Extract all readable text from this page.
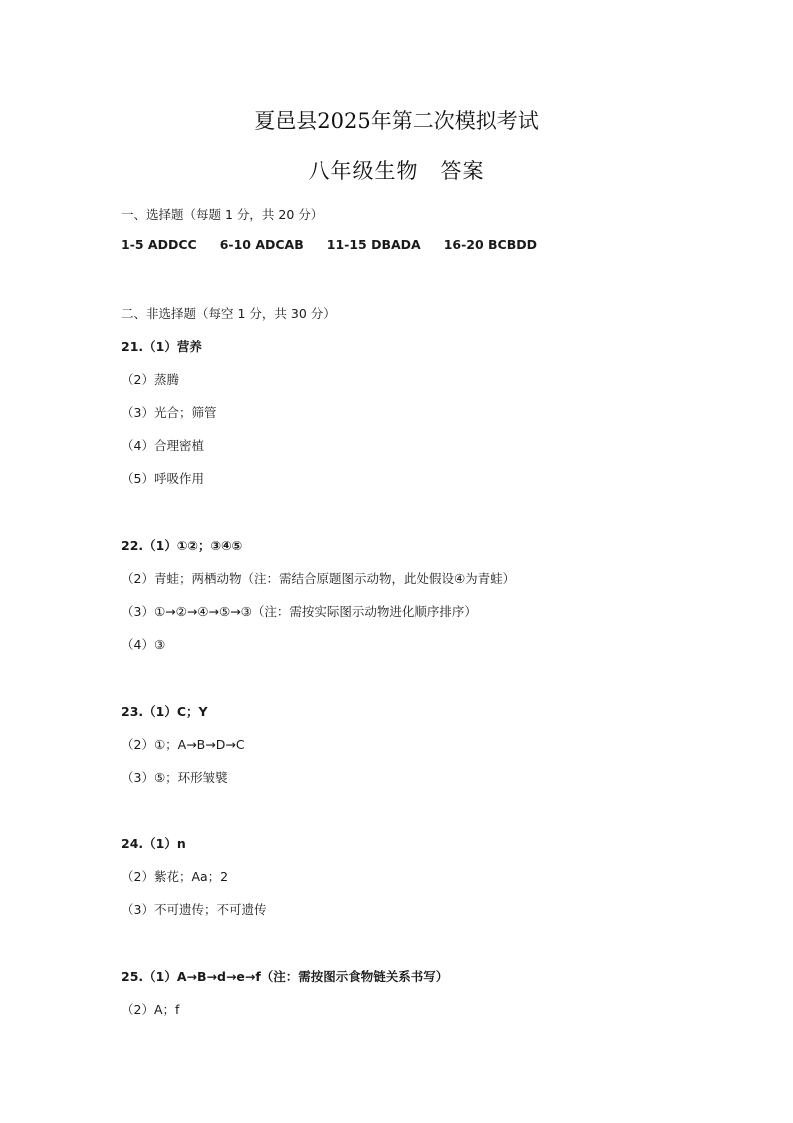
夏邑县2025年第二次模拟考试
八年级生物　答案
一、选择题（每题 1 分，共 20 分）
1-5 ADDCC 6-10 ADCAB 11-15 DBADA 16-20 BCBDD
二、非选择题（每空 1 分，共 30 分）
21.（1）营养
（2）蒸腾
（3）光合；筛管
（4）合理密植
（5）呼吸作用
22.（1）①②；③④⑤
（2）青蛙；两栖动物（注：需结合原题图示动物，此处假设④为青蛙）
（3）①→②→④→⑤→③（注：需按实际图示动物进化顺序排序）
（4）③
23.（1）C；Y
（2）①；A→B→D→C
（3）⑤；环形皱襞
24.（1）n
（2）紫花；Aa；2
（3）不可遗传；不可遗传
25.（1）A→B→d→e→f（注：需按图示食物链关系书写）
（2）A；f
